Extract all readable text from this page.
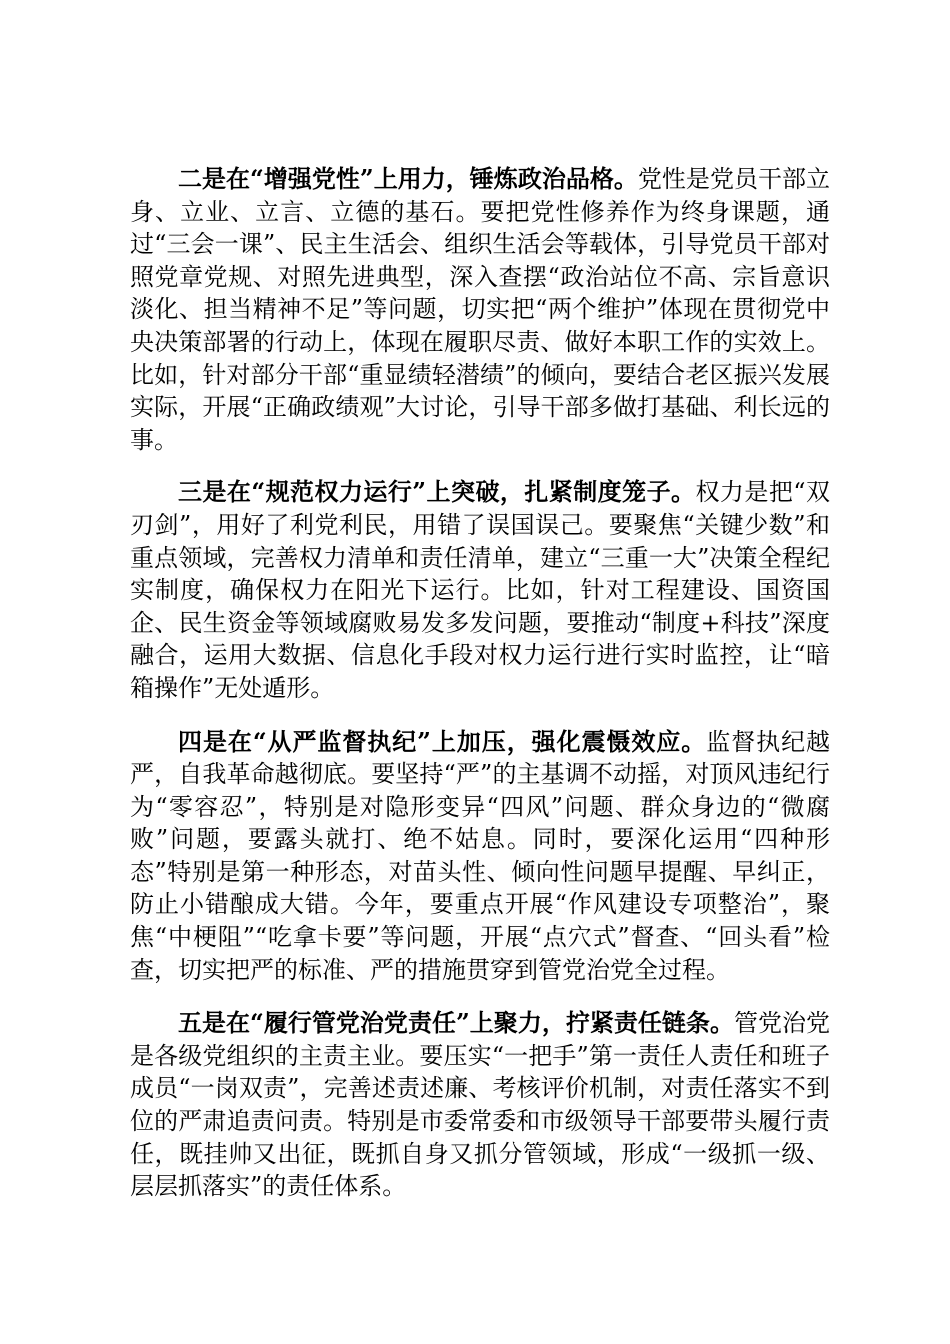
二是在“增强党性”上用力，锤炼政治品格。党性是党员干部立身、立业、立言、立德的基石。要把党性修养作为终身课题，通过“三会一课”、民主生活会、组织生活会等载体，引导党员干部对照党章党规、对照先进典型，深入查摆“政治站位不高、宗旨意识淡化、担当精神不足”等问题，切实把“两个维护”体现在贯彻党中央决策部署的行动上，体现在履职尽责、做好本职工作的实效上。比如，针对部分干部“重显绩轻潜绩”的倾向，要结合老区振兴发展实际，开展“正确政绩观”大讨论，引导干部多做打基础、利长远的事。

三是在“规范权力运行”上突破，扎紧制度笼子。权力是把“双刃剑”，用好了利党利民，用错了误国误己。要聚焦“关键少数”和重点领域，完善权力清单和责任清单，建立“三重一大”决策全程纪实制度，确保权力在阳光下运行。比如，针对工程建设、国资国企、民生资金等领域腐败易发多发问题，要推动“制度+科技”深度融合，运用大数据、信息化手段对权力运行进行实时监控，让“暗箱操作”无处遁形。

四是在“从严监督执纪”上加压，强化震慑效应。监督执纪越严，自我革命越彻底。要坚持“严”的主基调不动摇，对顶风违纪行为“零容忍”，特别是对隐形变异“四风”问题、群众身边的“微腐败”问题，要露头就打、绝不姑息。同时，要深化运用“四种形态”特别是第一种形态，对苗头性、倾向性问题早提醒、早纠正，防止小错酿成大错。今年，要重点开展“作风建设专项整治”，聚焦“中梗阻”“吃拿卡要”等问题，开展“点穴式”督查、“回头看”检查，切实把严的标准、严的措施贯穿到管党治党全过程。

五是在“履行管党治党责任”上聚力，拧紧责任链条。管党治党是各级党组织的主责主业。要压实“一把手”第一责任人责任和班子成员“一岗双责”，完善述责述廉、考核评价机制，对责任落实不到位的严肃追责问责。特别是市委常委和市级领导干部要带头履行责任，既挂帅又出征，既抓自身又抓分管领域，形成“一级抓一级、层层抓落实”的责任体系。
